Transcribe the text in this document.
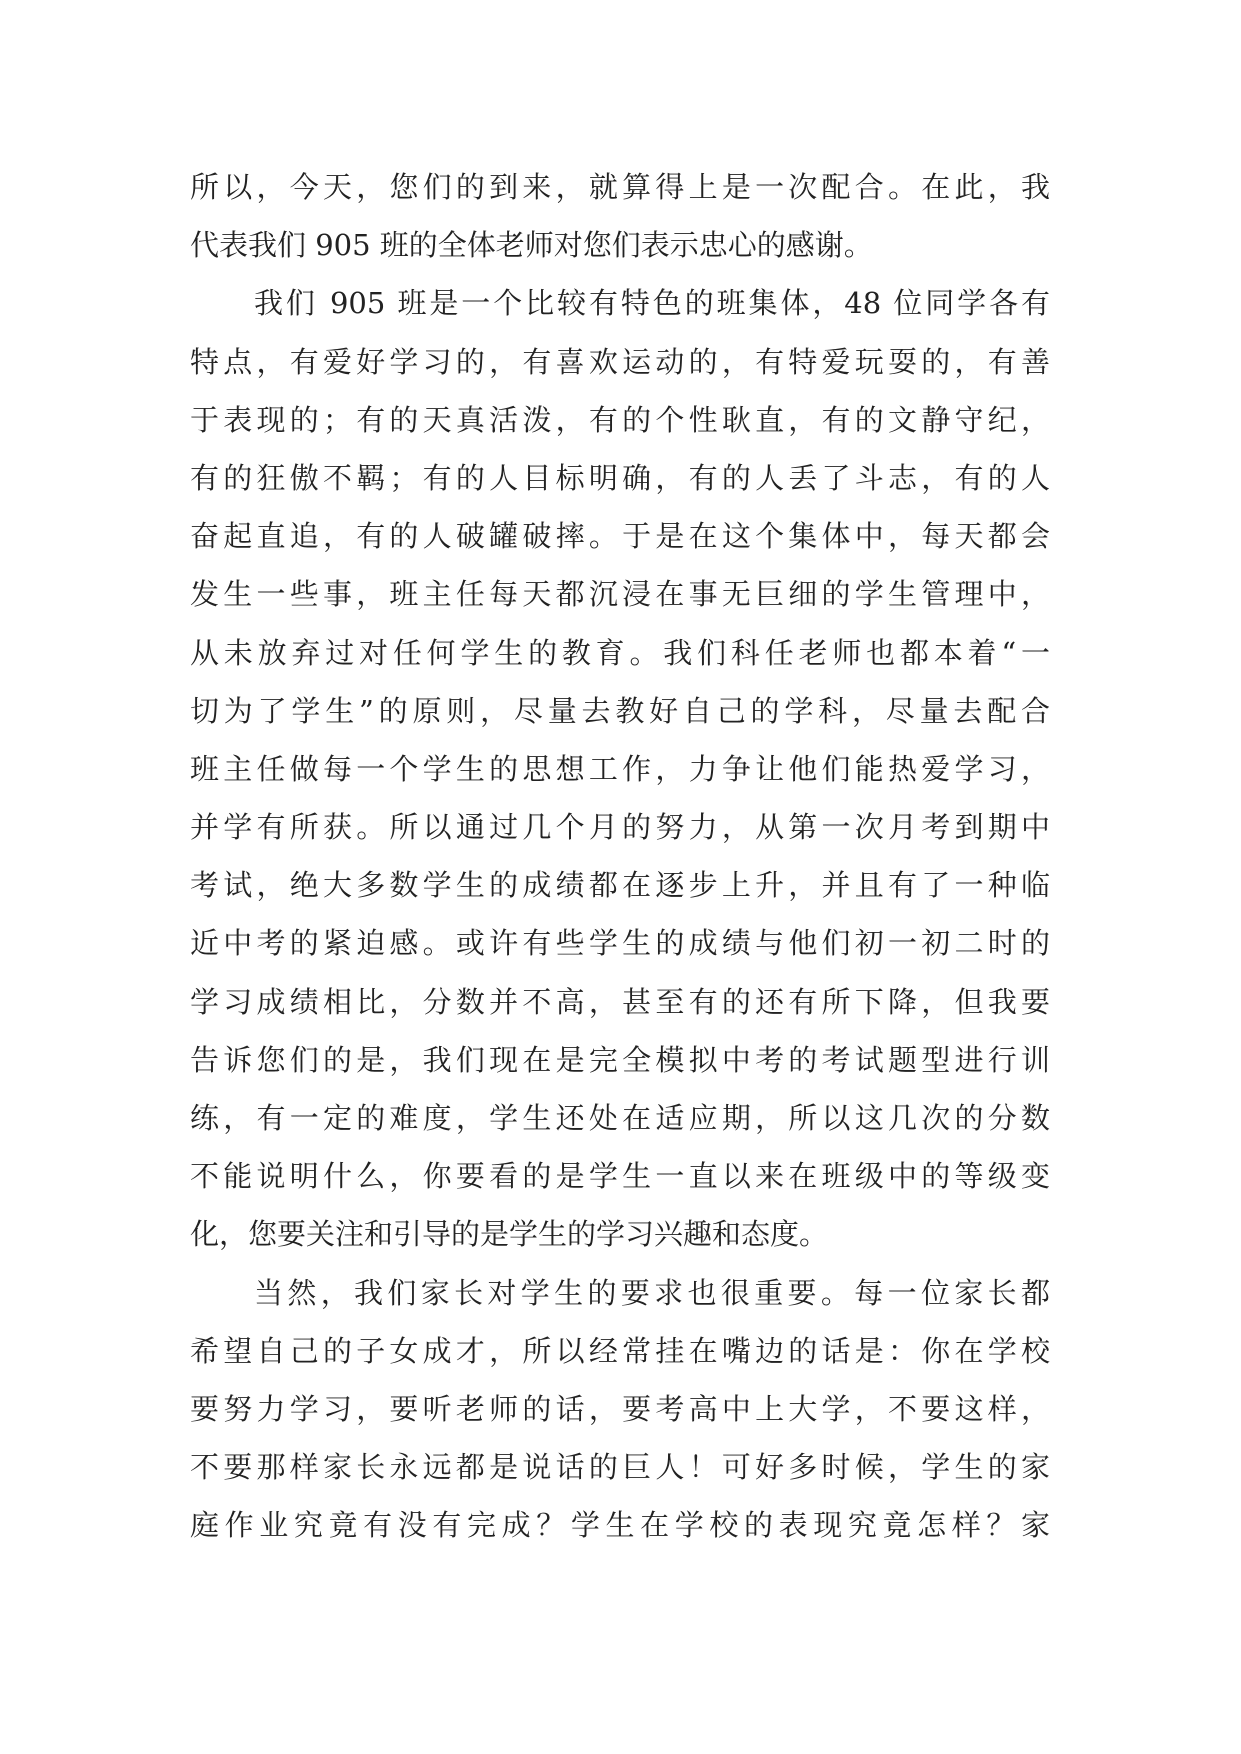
所以，今天，您们的到来，就算得上是一次配合。在此，我
代表我们 905 班的全体老师对您们表示忠心的感谢。
我们 905 班是一个比较有特色的班集体，48 位同学各有
特点，有爱好学习的，有喜欢运动的，有特爱玩耍的，有善
于表现的；有的天真活泼，有的个性耿直，有的文静守纪，
有的狂傲不羁；有的人目标明确，有的人丢了斗志，有的人
奋起直追，有的人破罐破摔。于是在这个集体中，每天都会
发生一些事，班主任每天都沉浸在事无巨细的学生管理中，
从未放弃过对任何学生的教育。我们科任老师也都本着“一
切为了学生”的原则，尽量去教好自己的学科，尽量去配合
班主任做每一个学生的思想工作，力争让他们能热爱学习，
并学有所获。所以通过几个月的努力，从第一次月考到期中
考试，绝大多数学生的成绩都在逐步上升，并且有了一种临
近中考的紧迫感。或许有些学生的成绩与他们初一初二时的
学习成绩相比，分数并不高，甚至有的还有所下降，但我要
告诉您们的是，我们现在是完全模拟中考的考试题型进行训
练，有一定的难度，学生还处在适应期，所以这几次的分数
不能说明什么，你要看的是学生一直以来在班级中的等级变
化，您要关注和引导的是学生的学习兴趣和态度。
当然，我们家长对学生的要求也很重要。每一位家长都
希望自己的子女成才，所以经常挂在嘴边的话是：你在学校
要努力学习，要听老师的话，要考高中上大学，不要这样，
不要那样家长永远都是说话的巨人！可好多时候，学生的家
庭作业究竟有没有完成？学生在学校的表现究竟怎样？家
